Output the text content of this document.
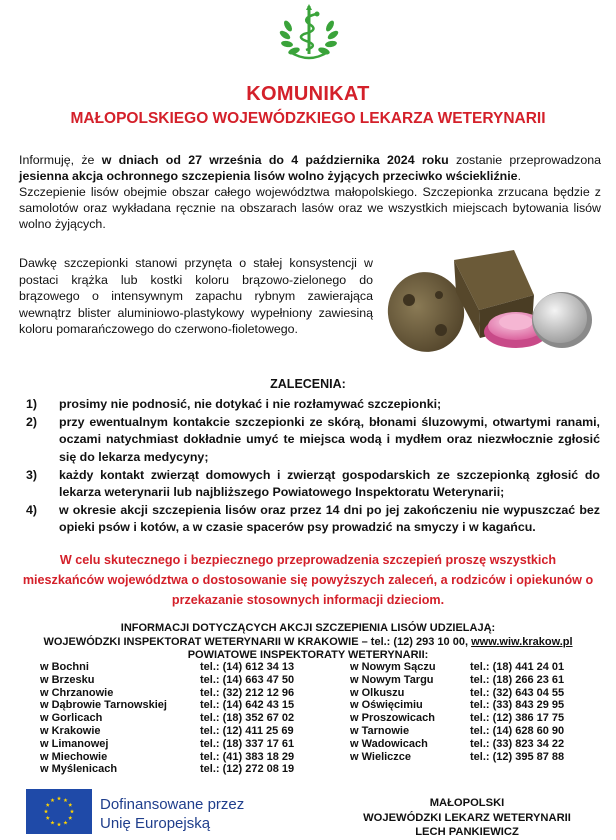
KOMUNIKAT
MAŁOPOLSKIEGO WOJEWÓDZKIEGO LEKARZA WETERYNARII
Informuję, że w dniach od 27 września do 4 października 2024 roku zostanie przeprowadzona jesienna akcja ochronnego szczepienia lisów wolno żyjących przeciwko wściekliźnie.
Szczepienie lisów obejmie obszar całego województwa małopolskiego. Szczepionka zrzucana będzie z samolotów oraz wykładana ręcznie na obszarach lasów oraz we wszystkich miejscach bytowania lisów wolno żyjących.
Dawkę szczepionki stanowi przynęta o stałej konsystencji w postaci krążka lub kostki koloru brązowo-zielonego do brązowego o intensywnym zapachu rybnym zawierająca wewnątrz blister aluminiowo-plastykowy wypełniony zawiesiną koloru pomarańczowego do czerwono-fioletowego.
ZALECENIA:
1)	prosimy nie podnosić, nie dotykać i nie rozłamywać szczepionki;
2)	przy ewentualnym kontakcie szczepionki ze skórą, błonami śluzowymi, otwartymi ranami, oczami natychmiast dokładnie umyć te miejsca wodą i mydłem oraz niezwłocznie zgłosić się do lekarza medycyny;
3)	każdy kontakt zwierząt domowych i zwierząt gospodarskich ze szczepionką zgłosić do lekarza weterynarii lub najbliższego Powiatowego Inspektoratu Weterynarii;
4)	w okresie akcji szczepienia lisów oraz przez 14 dni po jej zakończeniu nie wypuszczać bez opieki psów i kotów, a w czasie spacerów psy prowadzić na smyczy i w kagańcu.
W celu skutecznego i bezpiecznego przeprowadzenia szczepień proszę wszystkich mieszkańców województwa o dostosowanie się powyższych zaleceń, a rodziców i opiekunów o przekazanie stosownych informacji dzieciom.
INFORMACJI DOTYCZĄCYCH AKCJI SZCZEPIENIA LISÓW UDZIELAJĄ:
WOJEWÓDZKI INSPEKTORAT WETERYNARII W KRAKOWIE – tel.: (12) 293 10 00, www.wiw.krakow.pl
POWIATOWE INSPEKTORATY WETERYNARII:
w Bochni	tel.: (14) 612 34 13
w Brzesku	tel.: (14) 663 47 50
w Chrzanowie	tel.: (32) 212 12 96
w Dąbrowie Tarnowskiej	tel.: (14) 642 43 15
w Gorlicach	tel.: (18) 352 67 02
w Krakowie	tel.: (12) 411 25 69
w Limanowej	tel.: (18) 337 17 61
w Miechowie	tel.: (41) 383 18 29
w Myślenicach	tel.: (12) 272 08 19
w Nowym Sączu	tel.: (18) 441 24 01
w Nowym Targu	tel.: (18) 266 23 61
w Olkuszu	tel.: (32) 643 04 55
w Oświęcimiu	tel.: (33) 843 29 95
w Proszowicach	tel.: (12) 386 17 75
w Tarnowie	tel.: (14) 628 60 90
w Wadowicach	tel.: (33) 823 34 22
w Wieliczce	tel.: (12) 395 87 88
Dofinansowane przez
Unię Europejską
MAŁOPOLSKI
WOJEWÓDZKI LEKARZ WETERYNARII
LECH PANKIEWICZ
